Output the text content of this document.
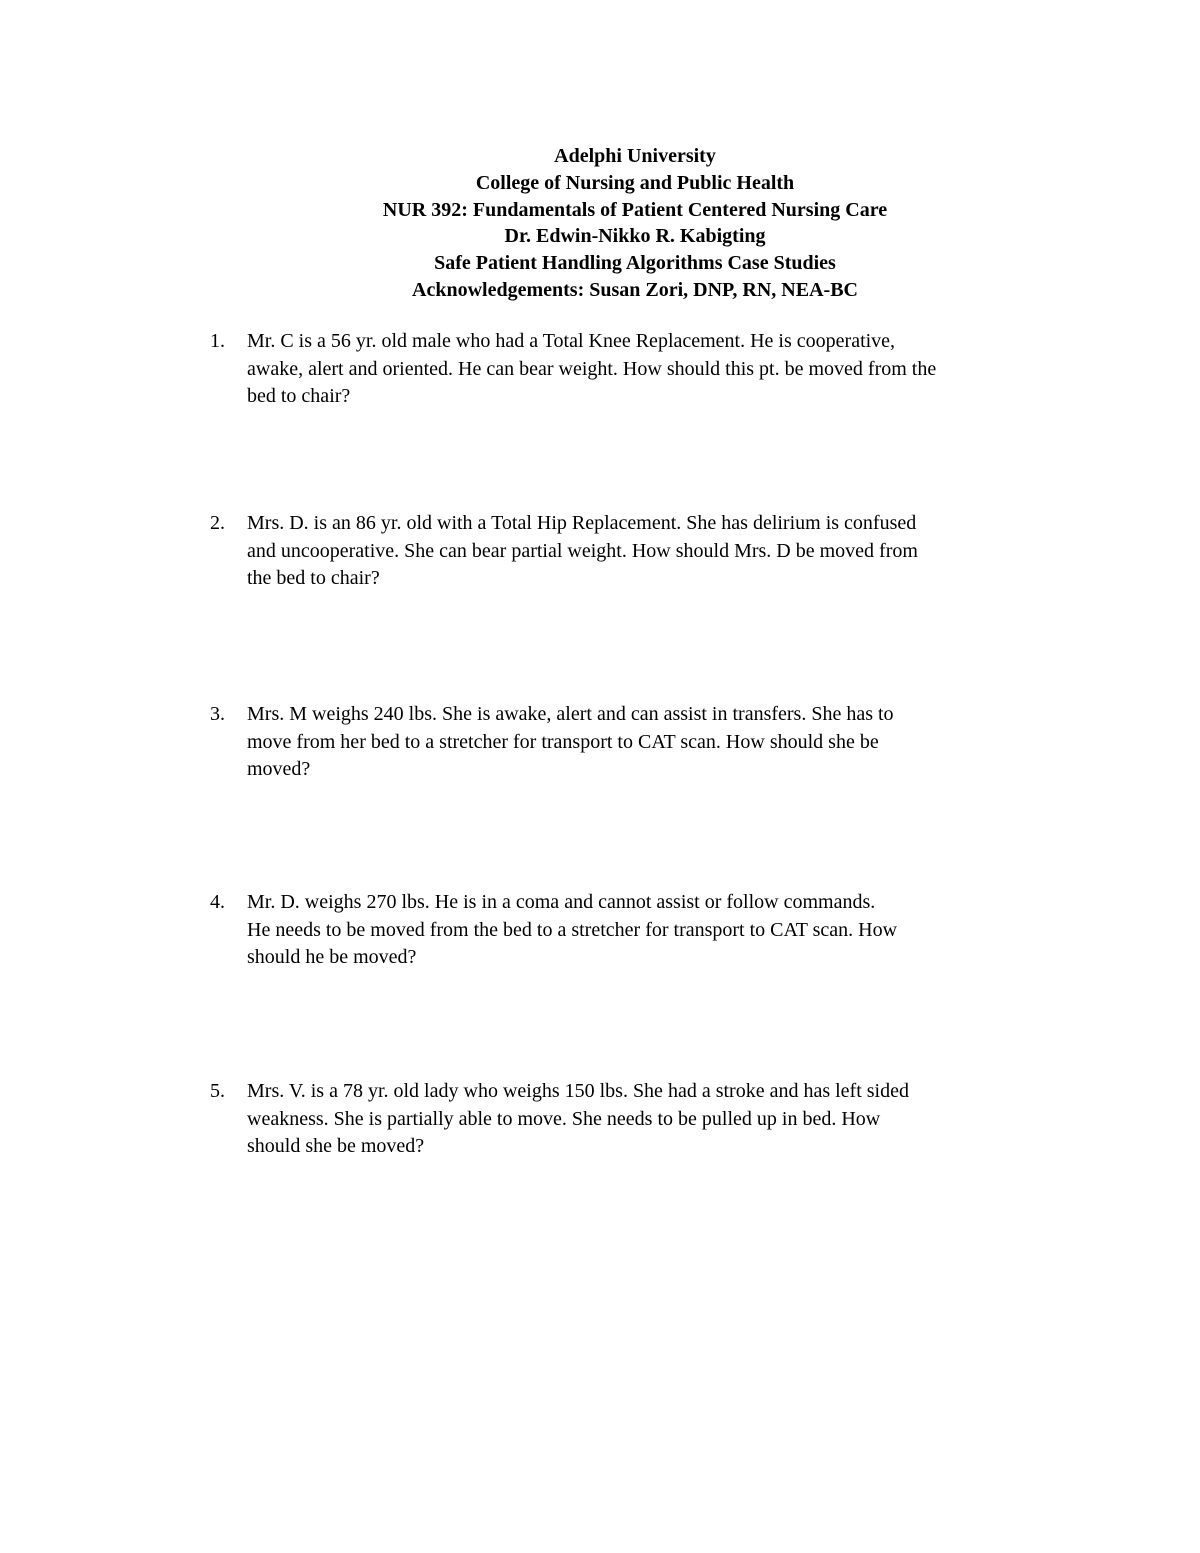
Adelphi University
College of Nursing and Public Health
NUR 392: Fundamentals of Patient Centered Nursing Care
Dr. Edwin-Nikko R. Kabigting
Safe Patient Handling Algorithms Case Studies
Acknowledgements: Susan Zori, DNP, RN, NEA-BC
1.	Mr. C is a 56 yr. old male who had a Total Knee Replacement. He is cooperative,
awake, alert and oriented. He can bear weight. How should this pt. be moved from the
bed to chair?
2.	Mrs. D. is an 86 yr. old with a Total Hip Replacement. She has delirium is confused
and uncooperative. She can bear partial weight. How should Mrs. D be moved from
the bed to chair?
3.	Mrs. M weighs 240 lbs. She is awake, alert and can assist in transfers. She has to
move from her bed to a stretcher for transport to CAT scan. How should she be
moved?
4.	Mr. D. weighs 270 lbs. He is in a coma and cannot assist or follow commands.
He needs to be moved from the bed to a stretcher for transport to CAT scan. How
should he be moved?
5.	Mrs. V. is a 78 yr. old lady who weighs 150 lbs. She had a stroke and has left sided
weakness. She is partially able to move. She needs to be pulled up in bed. How
should she be moved?
